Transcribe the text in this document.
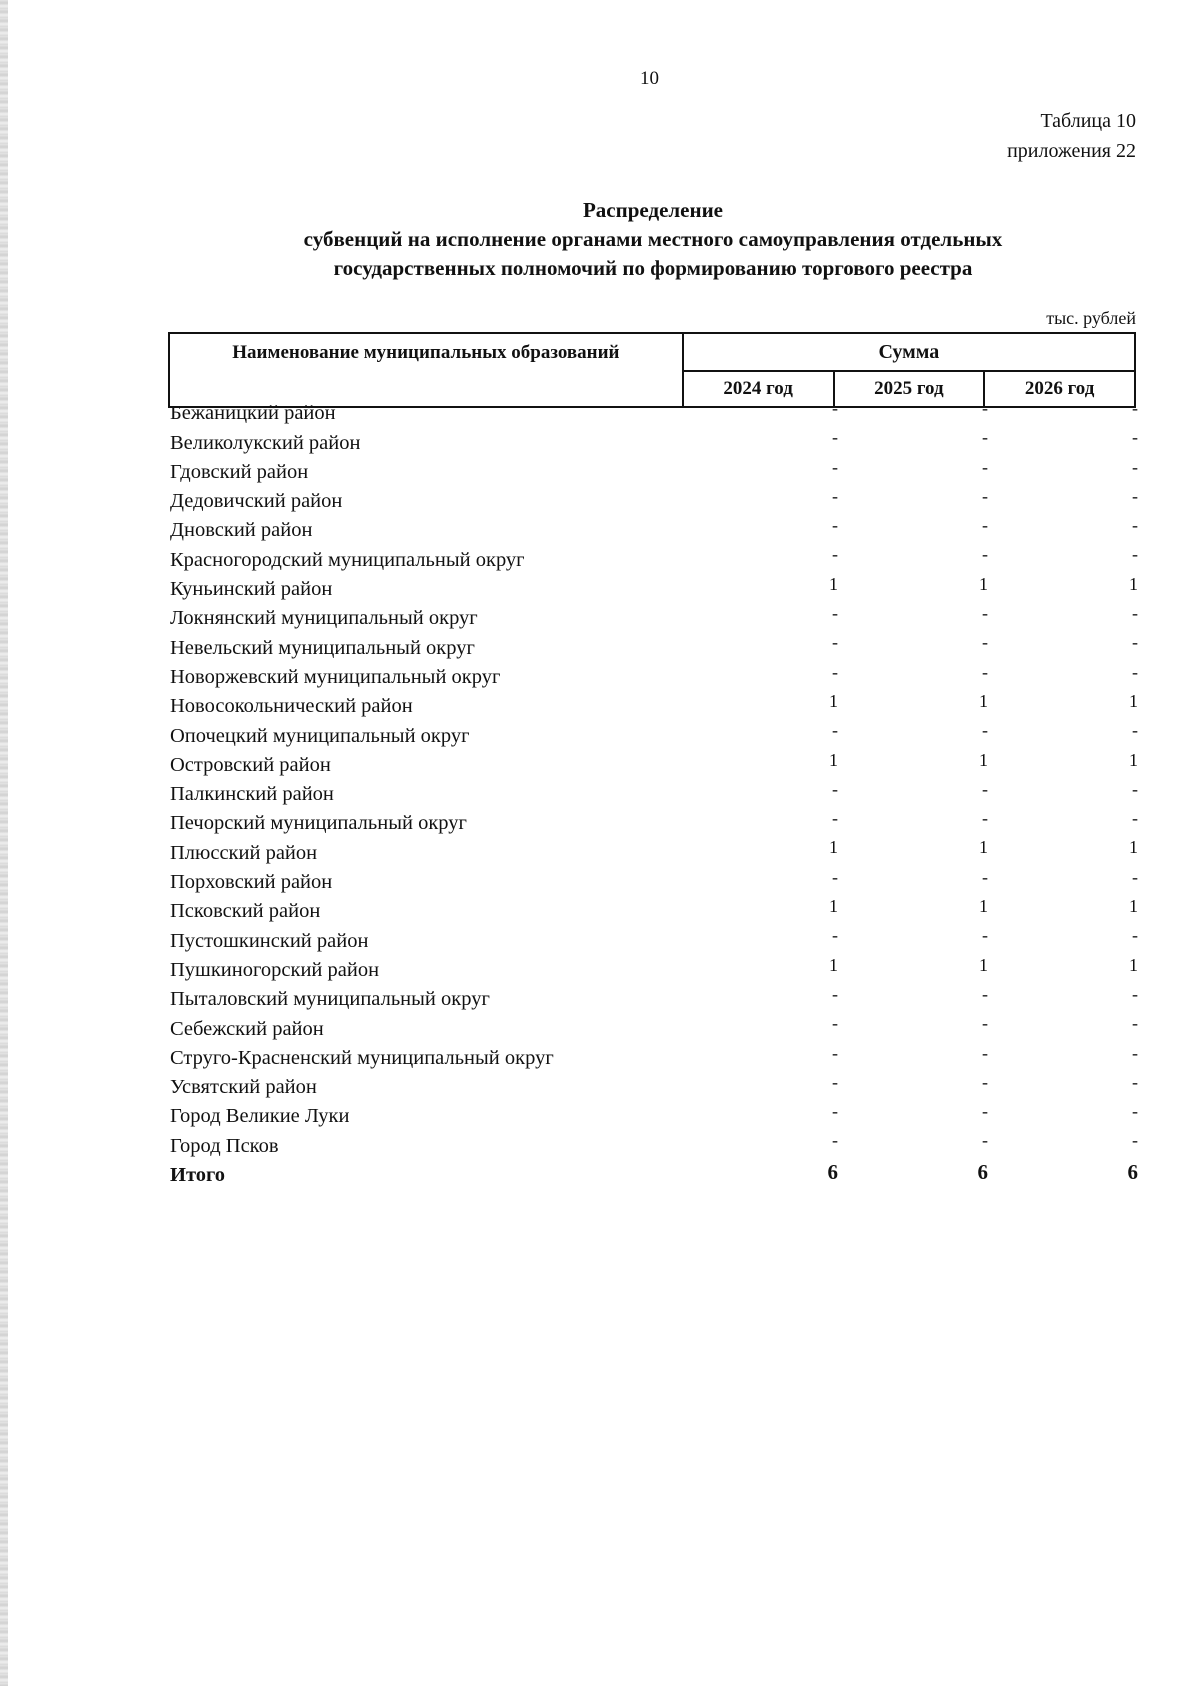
10
Таблица 10
приложения 22
Распределение
субвенций на исполнение органами местного самоуправления отдельных
государственных полномочий по формированию торгового реестра
тыс. рублей
Наименование муниципальных образований	Сумма		
	2024 год	2025 год	2026 год
Бежаницкий район	-	-	-
Великолукский район	-	-	-
Гдовский район	-	-	-
Дедовичский район	-	-	-
Дновский район	-	-	-
Красногородский муниципальный округ	-	-	-
Куньинский район	1	1	1
Локнянский муниципальный округ	-	-	-
Невельский муниципальный округ	-	-	-
Новоржевский муниципальный округ	-	-	-
Новосокольнический район	1	1	1
Опочецкий муниципальный округ	-	-	-
Островский район	1	1	1
Палкинский район	-	-	-
Печорский муниципальный округ	-	-	-
Плюсский район	1	1	1
Порховский район	-	-	-
Псковский район	1	1	1
Пустошкинский район	-	-	-
Пушкиногорский район	1	1	1
Пыталовский муниципальный округ	-	-	-
Себежский район	-	-	-
Струго-Красненский муниципальный округ	-	-	-
Усвятский район	-	-	-
Город Великие Луки	-	-	-
Город Псков	-	-	-
Итого	6	6	6
